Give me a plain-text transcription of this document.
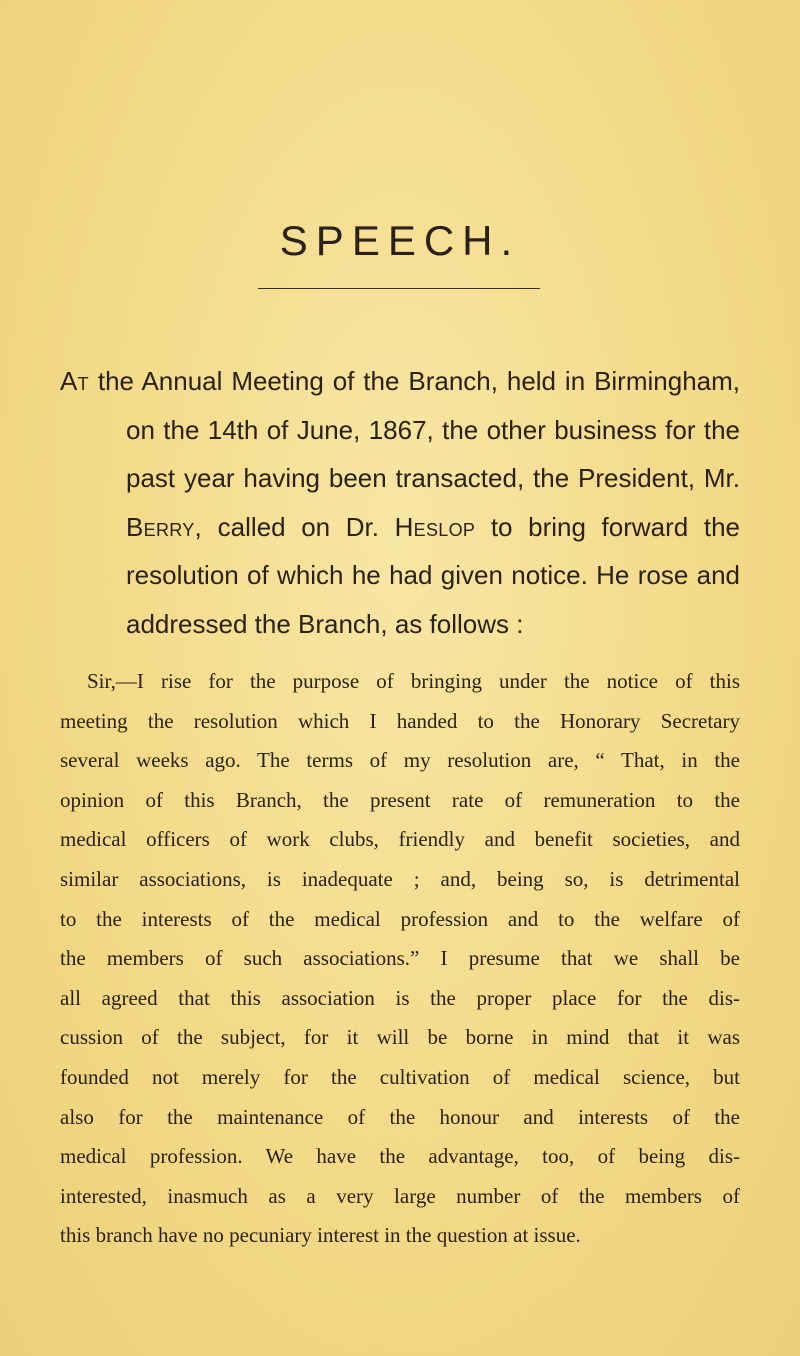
SPEECH.
At the Annual Meeting of the Branch, held in Birmingham,
on the 14th of June, 1867, the other business for the
past year having been transacted, the President, Mr.
Berry, called on Dr. Heslop to bring forward the
resolution of which he had given notice. He rose and
addressed the Branch, as follows :
Sir,—I rise for the purpose of bringing under the notice of this
meeting the resolution which I handed to the Honorary Secretary
several weeks ago. The terms of my resolution are, “ That, in the
opinion of this Branch, the present rate of remuneration to the
medical officers of work clubs, friendly and benefit societies, and
similar associations, is inadequate ; and, being so, is detrimental
to the interests of the medical profession and to the welfare of
the members of such associations.” I presume that we shall be
all agreed that this association is the proper place for the dis-
cussion of the subject, for it will be borne in mind that it was
founded not merely for the cultivation of medical science, but
also for the maintenance of the honour and interests of the
medical profession. We have the advantage, too, of being dis-
interested, inasmuch as a very large number of the members of
this branch have no pecuniary interest in the question at issue.
